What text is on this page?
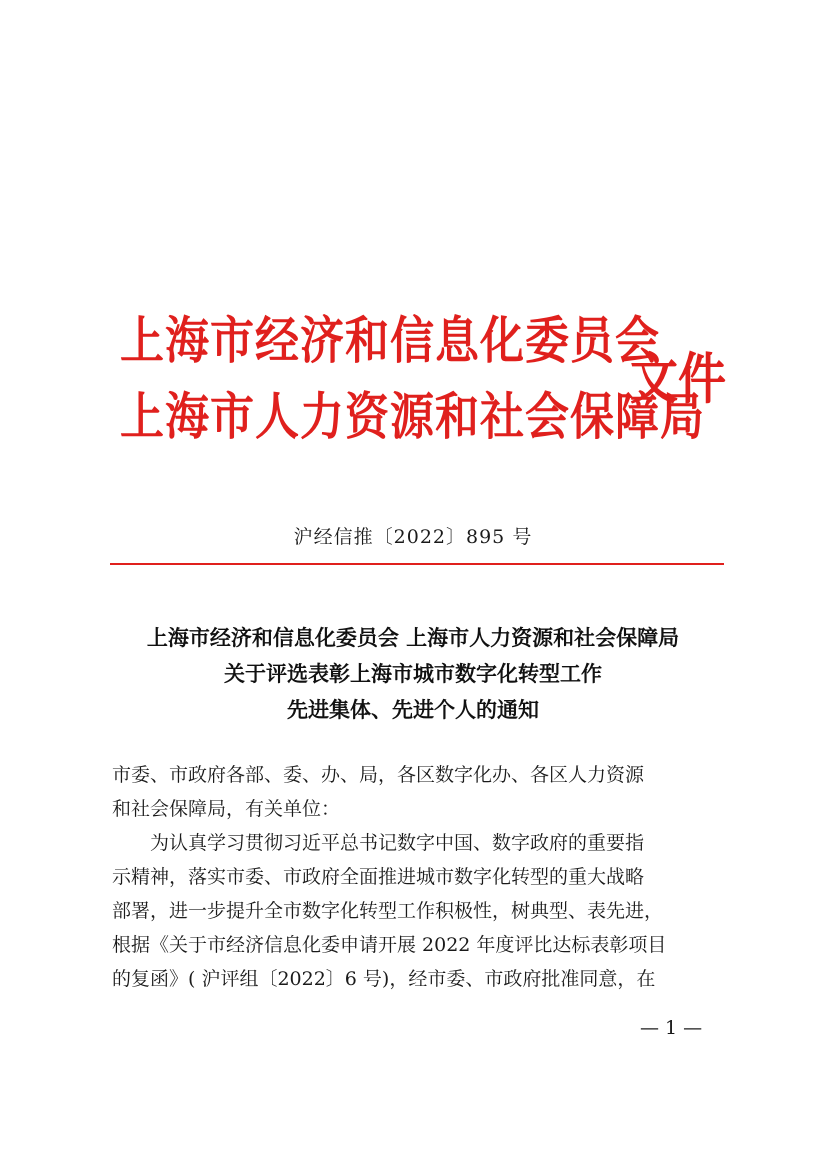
上海市经济和信息化委员会
上海市人力资源和社会保障局
文件
沪经信推〔2022〕895 号
上海市经济和信息化委员会 上海市人力资源和社会保障局
关于评选表彰上海市城市数字化转型工作
先进集体、先进个人的通知
市委、市政府各部、委、办、局，各区数字化办、各区人力资源
和社会保障局，有关单位：
　　为认真学习贯彻习近平总书记数字中国、数字政府的重要指
示精神，落实市委、市政府全面推进城市数字化转型的重大战略
部署，进一步提升全市数字化转型工作积极性，树典型、表先进，
根据《关于市经济信息化委申请开展 2022 年度评比达标表彰项目
的复函》( 沪评组〔2022〕6 号)，经市委、市政府批准同意，在
— 1 —
